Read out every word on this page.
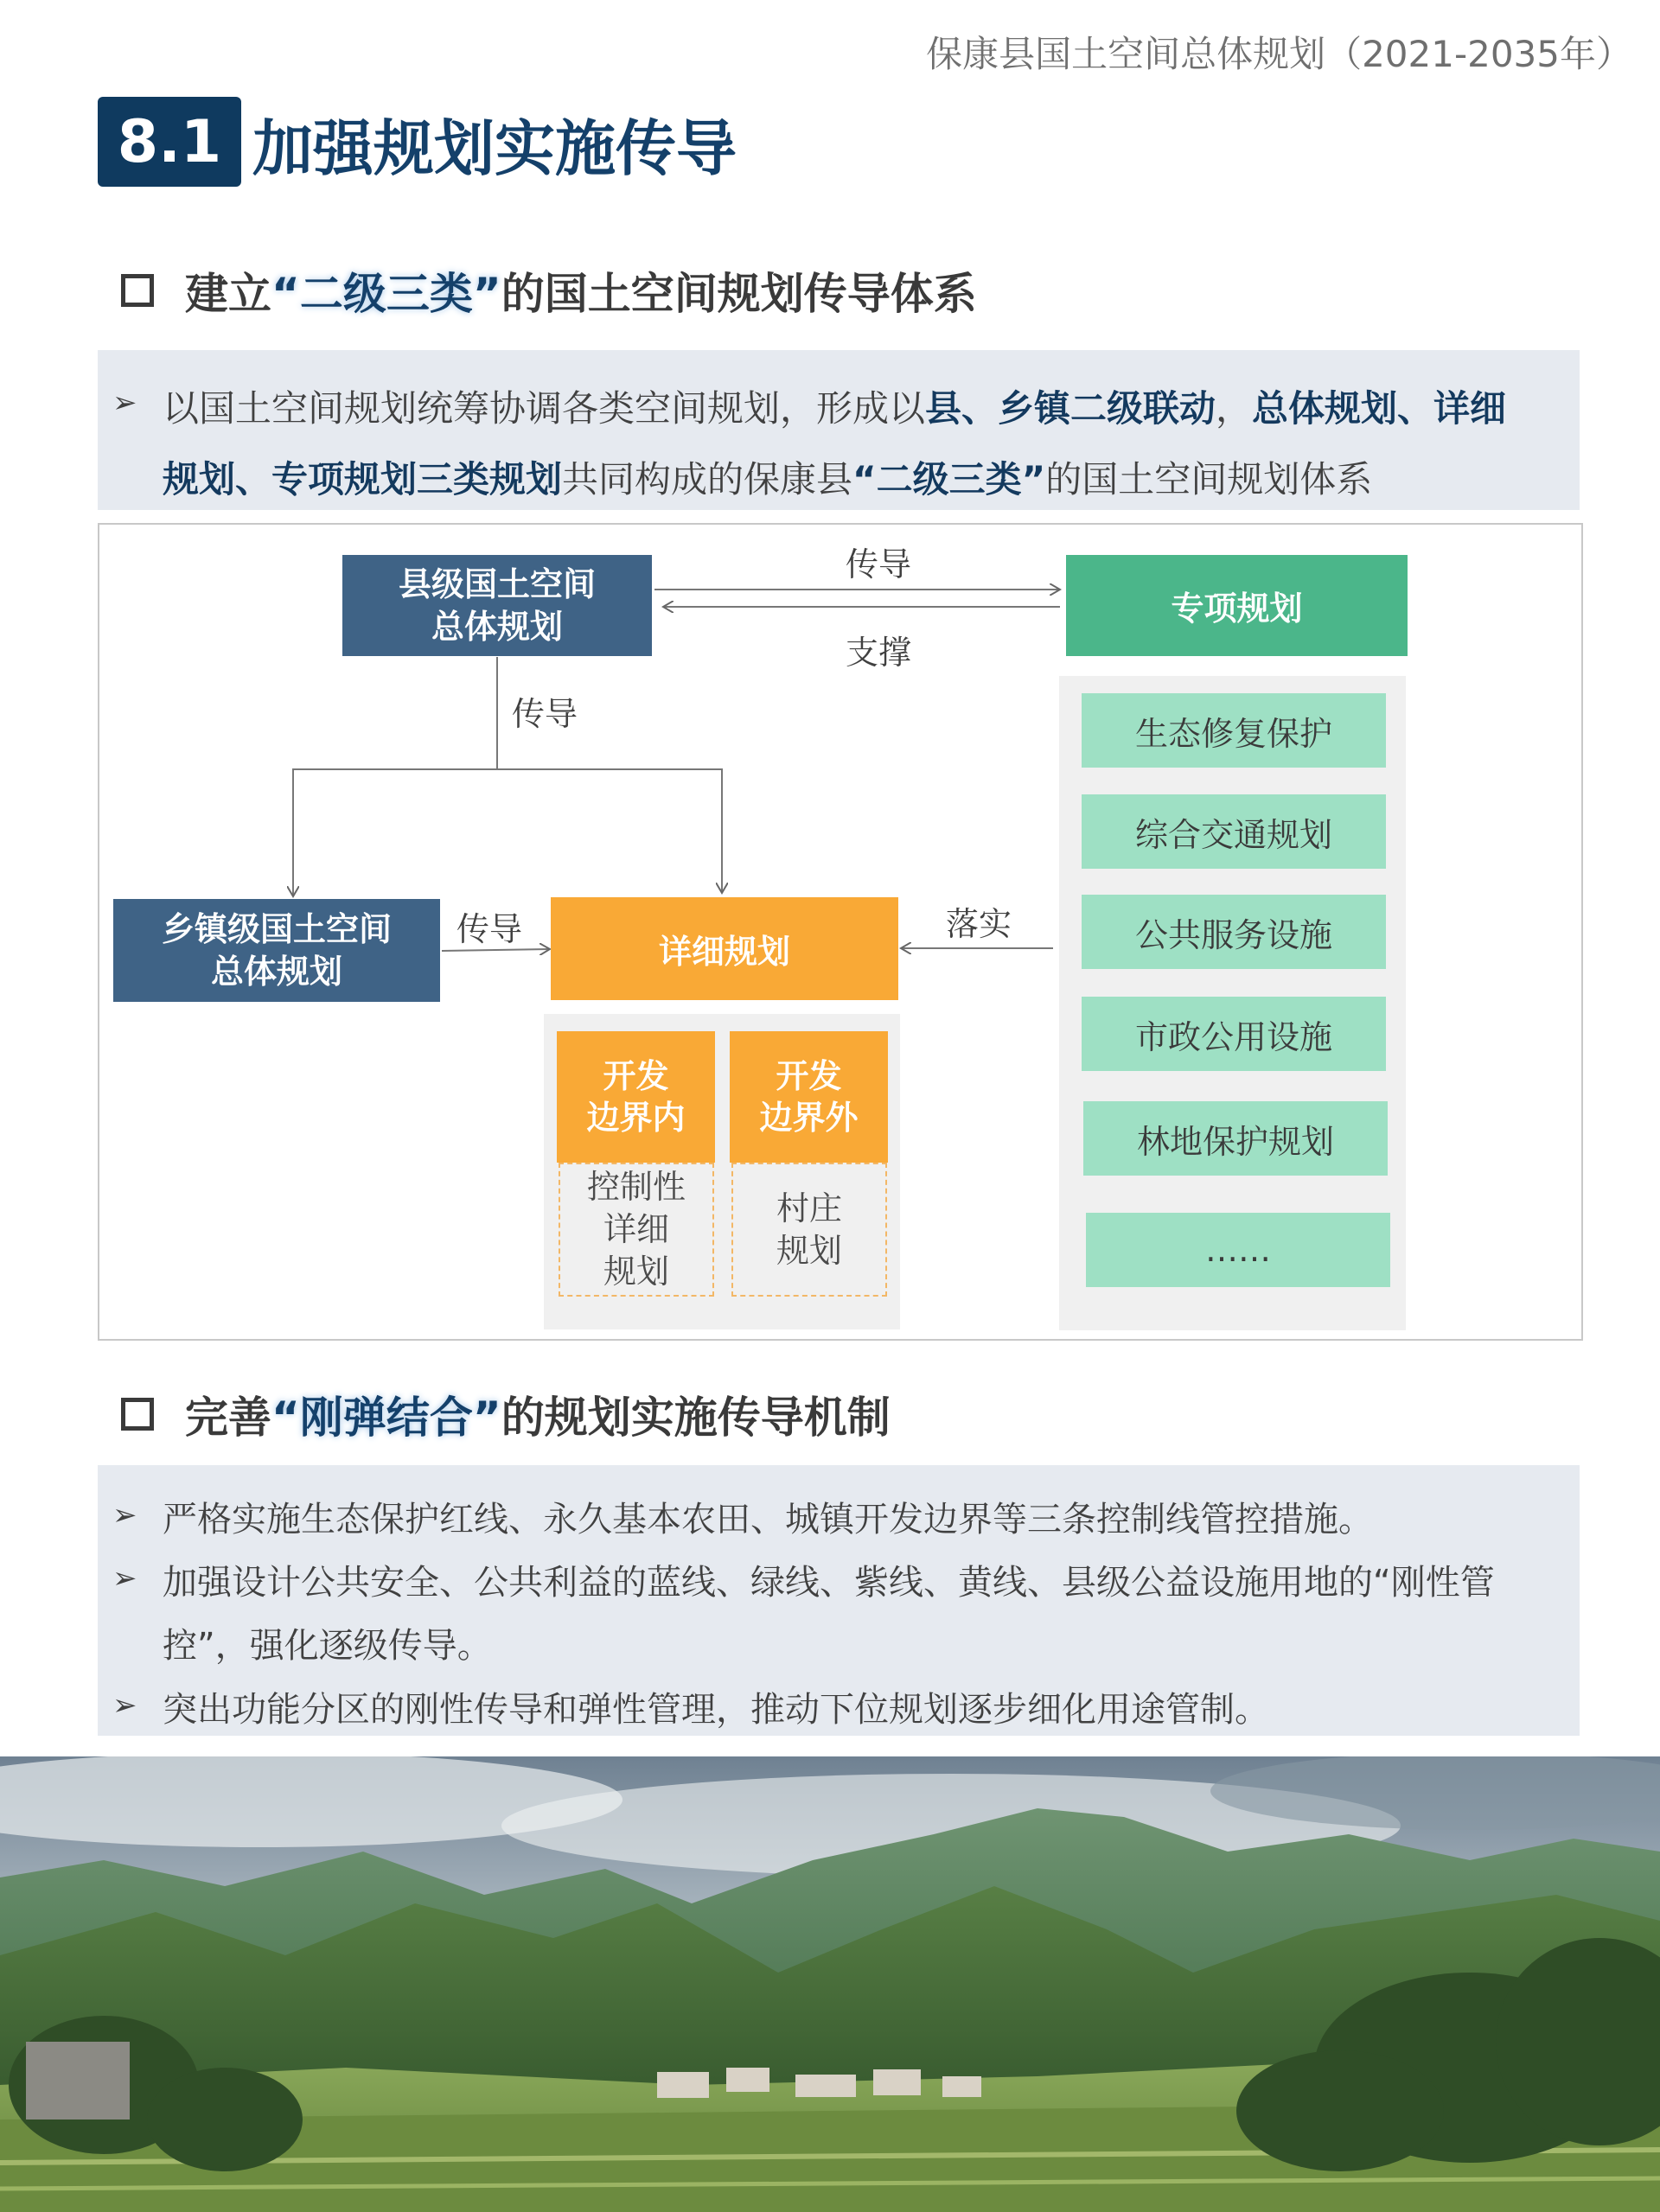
保康县国土空间总体规划（2021-2035年）
8.1 加强规划实施传导
建立 “二级三类” 的国土空间规划传导体系
➢ 以国土空间规划统筹协调各类空间规划，形成以县、乡镇二级联动，总体规划、详细
规划、专项规划三类规划共同构成的保康县“二级三类”的国土空间规划体系
县级国土空间
总体规划
传导
支撑
传导
专项规划
生态修复保护
综合交通规划
公共服务设施
市政公用设施
林地保护规划
……
乡镇级国土空间
总体规划
传导	落实
详细规划
开发
边界内
开发
边界外
控制性
详细
规划
村庄
规划
完善 “刚弹结合” 的规划实施传导机制
➢ 严格实施生态保护红线、永久基本农田、城镇开发边界等三条控制线管控措施。
➢ 加强设计公共安全、公共利益的蓝线、绿线、紫线、黄线、县级公益设施用地的“刚性管
控”，强化逐级传导。
➢ 突出功能分区的刚性传导和弹性管理，推动下位规划逐步细化用途管制。
